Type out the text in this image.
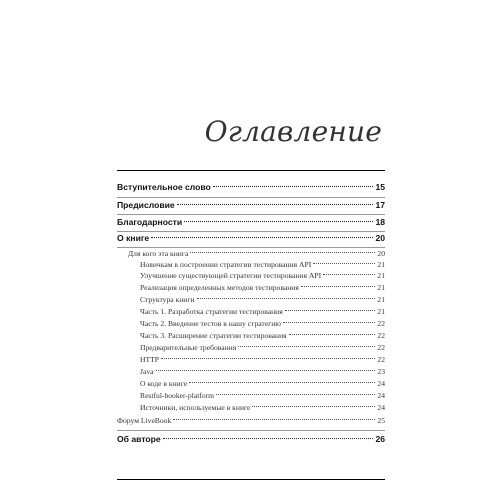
Оглавление
Вступительное слово	15
Предисловие	17
Благодарности	18
О книге	20
Для кого эта книга	20
Новичкам в построении стратегии тестирования API	21
Улучшение существующей стратегии тестирования API	21
Реализация определенных методов тестирования	21
Структура книги	21
Часть 1. Разработка стратегии тестирования	21
Часть 2. Введение тестов в нашу стратегию	22
Часть 3. Расширение стратегии тестирования	22
Предварительные требования	22
HTTP	22
Java	23
О коде в книге	24
Restful-booker-platform	24
Источники, используемые в книге	24
Форум LiveBook	25
Об авторе	26
